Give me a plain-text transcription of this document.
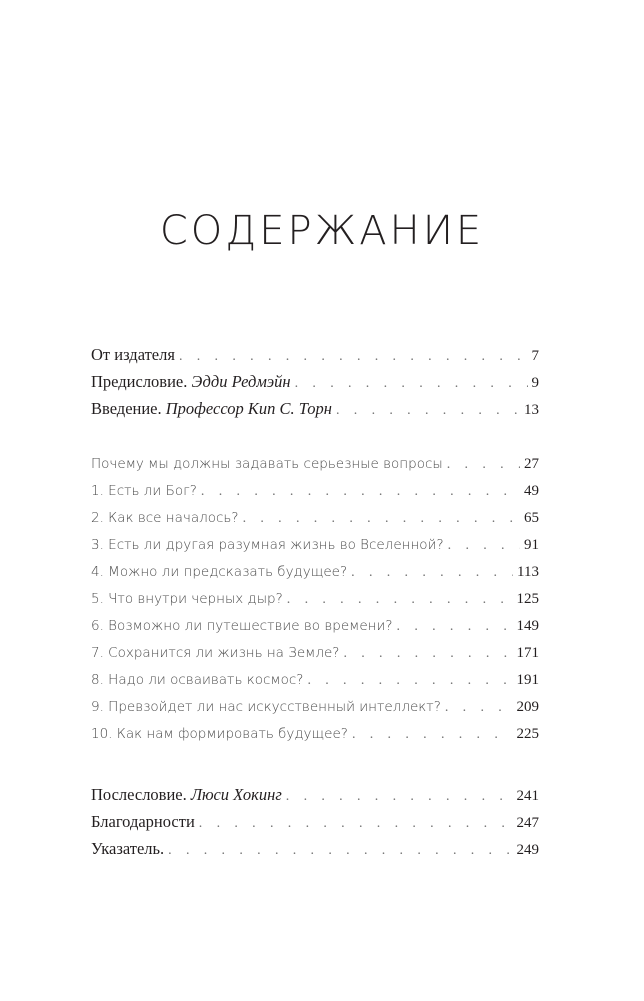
СОДЕРЖАНИЕ
От издателя . . .	7
Предисловие. Эдди Редмэйн . . .	9
Введение. Профессор Кип С. Торн . . .	13
Почему мы должны задавать серьезные вопросы . . .	27
1. Есть ли Бог? . . .	49
2. Как все началось? . . .	65
3. Есть ли другая разумная жизнь во Вселенной? . . .	91
4. Можно ли предсказать будущее? . . .	113
5. Что внутри черных дыр? . . .	125
6. Возможно ли путешествие во времени? . . .	149
7. Сохранится ли жизнь на Земле? . . .	171
8. Надо ли осваивать космос? . . .	191
9. Превзойдет ли нас искусственный интеллект? . . .	209
10. Как нам формировать будущее? . . .	225
Послесловие. Люси Хокинг . . .	241
Благодарности . . .	247
Указатель. . . .	249
